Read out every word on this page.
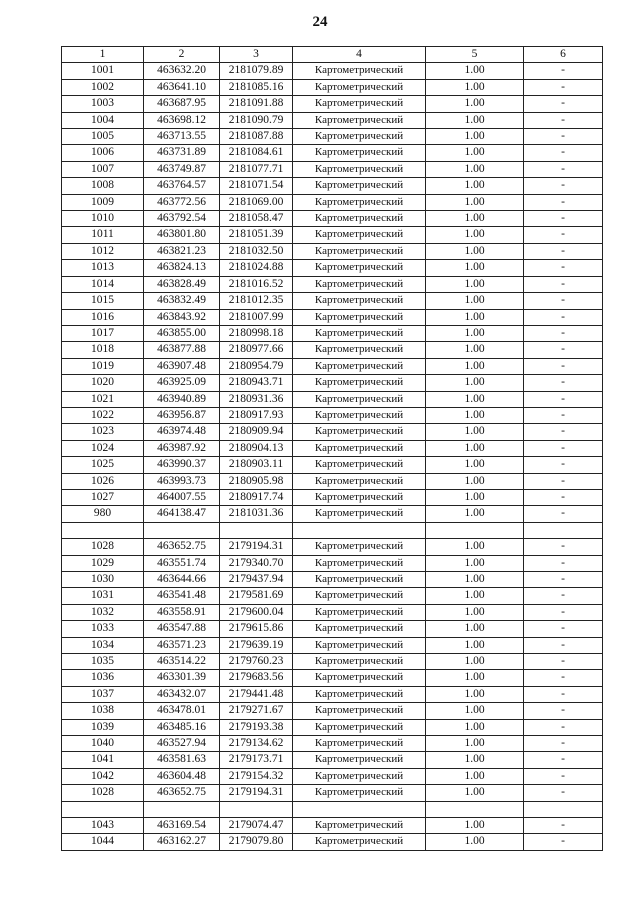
24
1	2	3	4	5	6
1001	463632.20	2181079.89	Картометрический	1.00	-
1002	463641.10	2181085.16	Картометрический	1.00	-
1003	463687.95	2181091.88	Картометрический	1.00	-
1004	463698.12	2181090.79	Картометрический	1.00	-
1005	463713.55	2181087.88	Картометрический	1.00	-
1006	463731.89	2181084.61	Картометрический	1.00	-
1007	463749.87	2181077.71	Картометрический	1.00	-
1008	463764.57	2181071.54	Картометрический	1.00	-
1009	463772.56	2181069.00	Картометрический	1.00	-
1010	463792.54	2181058.47	Картометрический	1.00	-
1011	463801.80	2181051.39	Картометрический	1.00	-
1012	463821.23	2181032.50	Картометрический	1.00	-
1013	463824.13	2181024.88	Картометрический	1.00	-
1014	463828.49	2181016.52	Картометрический	1.00	-
1015	463832.49	2181012.35	Картометрический	1.00	-
1016	463843.92	2181007.99	Картометрический	1.00	-
1017	463855.00	2180998.18	Картометрический	1.00	-
1018	463877.88	2180977.66	Картометрический	1.00	-
1019	463907.48	2180954.79	Картометрический	1.00	-
1020	463925.09	2180943.71	Картометрический	1.00	-
1021	463940.89	2180931.36	Картометрический	1.00	-
1022	463956.87	2180917.93	Картометрический	1.00	-
1023	463974.48	2180909.94	Картометрический	1.00	-
1024	463987.92	2180904.13	Картометрический	1.00	-
1025	463990.37	2180903.11	Картометрический	1.00	-
1026	463993.73	2180905.98	Картометрический	1.00	-
1027	464007.55	2180917.74	Картометрический	1.00	-
980	464138.47	2181031.36	Картометрический	1.00	-

1028	463652.75	2179194.31	Картометрический	1.00	-
1029	463551.74	2179340.70	Картометрический	1.00	-
1030	463644.66	2179437.94	Картометрический	1.00	-
1031	463541.48	2179581.69	Картометрический	1.00	-
1032	463558.91	2179600.04	Картометрический	1.00	-
1033	463547.88	2179615.86	Картометрический	1.00	-
1034	463571.23	2179639.19	Картометрический	1.00	-
1035	463514.22	2179760.23	Картометрический	1.00	-
1036	463301.39	2179683.56	Картометрический	1.00	-
1037	463432.07	2179441.48	Картометрический	1.00	-
1038	463478.01	2179271.67	Картометрический	1.00	-
1039	463485.16	2179193.38	Картометрический	1.00	-
1040	463527.94	2179134.62	Картометрический	1.00	-
1041	463581.63	2179173.71	Картометрический	1.00	-
1042	463604.48	2179154.32	Картометрический	1.00	-
1028	463652.75	2179194.31	Картометрический	1.00	-

1043	463169.54	2179074.47	Картометрический	1.00	-
1044	463162.27	2179079.80	Картометрический	1.00	-
